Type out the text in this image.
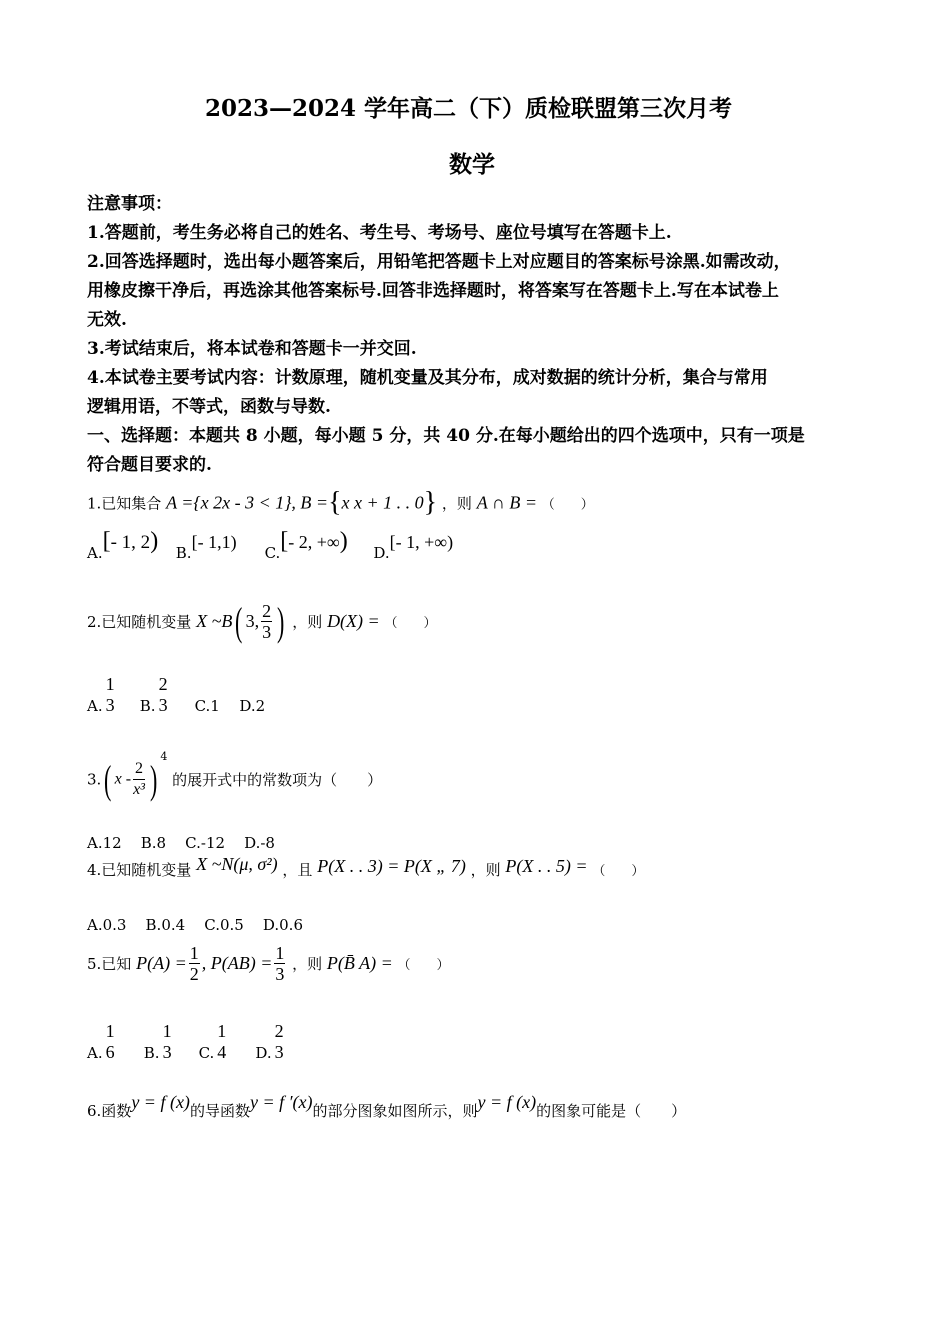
2023—2024 学年高二（下）质检联盟第三次月考
数学
注意事项：
1.答题前，考生务必将自己的姓名、考生号、考场号、座位号填写在答题卡上.
2.回答选择题时，选出每小题答案后，用铅笔把答题卡上对应题目的答案标号涂黑.如需改动，
用橡皮擦干净后，再选涂其他答案标号.回答非选择题时，将答案写在答题卡上.写在本试卷上
无效.
3.考试结束后，将本试卷和答题卡一并交回.
4.本试卷主要考试内容：计数原理，随机变量及其分布，成对数据的统计分析，集合与常用
逻辑用语，不等式，函数与导数.
一、选择题：本题共 8 小题，每小题 5 分，共 40 分.在每小题给出的四个选项中，只有一项是
符合题目要求的.
1.已知集合 A ={x 2x - 3 < 1}, B ={x x + 1 . . 0} ，则 A ∩ B = （　　）
A.[- 1, 2) B.[- 1,1) C.[- 2, +∞) D.[- 1, +∞)
2.已知随机变量 X ~B( 3, $\frac{2}{3}$ ) ，则 D(X) = （　　）
A.
1
3 B.
2
3 C.1 D.2
3.( x - $\frac{2}{\text{x³}} )^4$ 的展开式中的常数项为（　　）
A.12    B.8    C.-12    D.-8
4.已知随机变量 X ~N(μ, σ²) ，且 P(X . . 3) = P(X „ 7) ，则 P(X . . 5) = （　　）
A.0.3    B.0.4    C.0.5    D.0.6
5.已知 $P(A) = \frac{1}{2}$ , $P(AB) = \frac{1}{3}$ ，则 P(B̄ A) = （　　）
A.
1
6 B.
1
3 C.
1
4 D.
2
3
6.函数y = f (x)的导函数y = f ′(x)的部分图象如图所示，则y = f (x)的图象可能是（　　）
